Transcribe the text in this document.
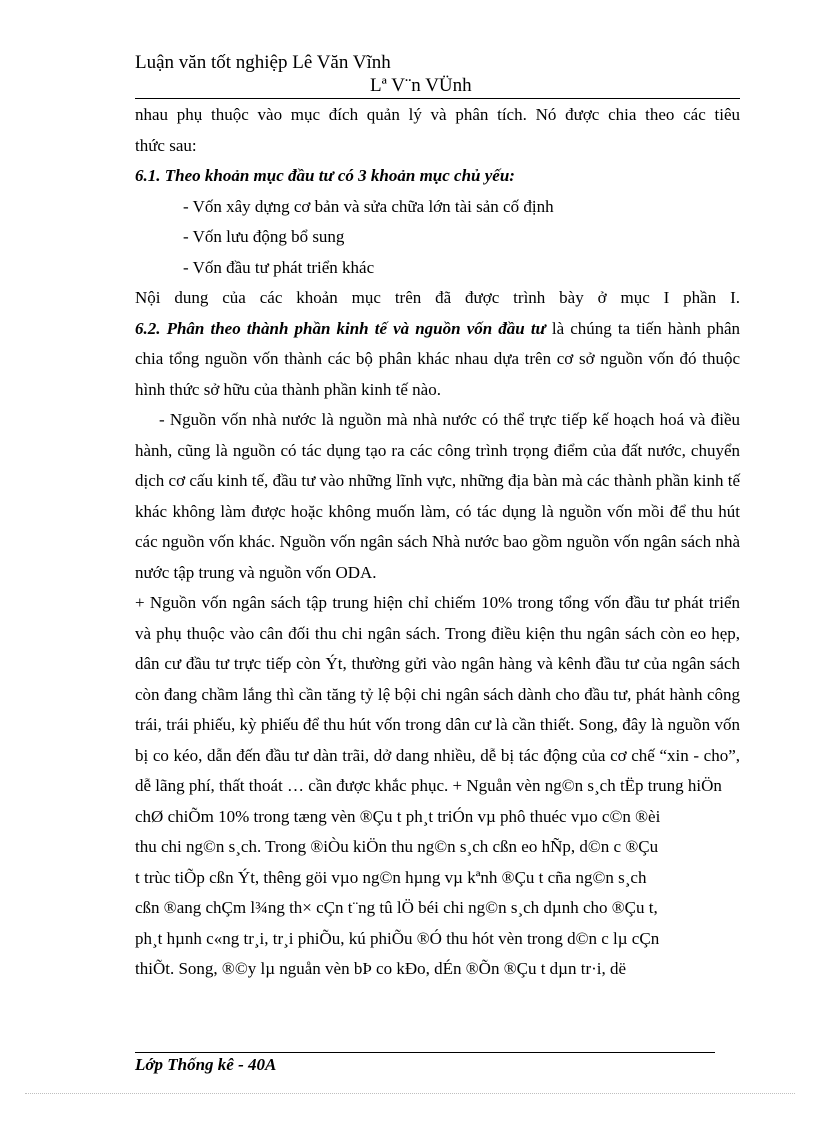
Luận văn tốt nghiệp Lê Văn Vĩnh
Lª V¨n VÜnh

nhau phụ thuộc vào mục đích quản lý và phân tích. Nó được chia theo các tiêu

thức sau:

6.1. Theo khoản mục đầu tư có 3 khoản mục chủ yếu:

- Vốn xây dựng cơ bản và sửa chữa lớn tài sản cố định

- Vốn lưu động bổ sung

- Vốn đầu tư phát triển khác

Nội dung của các khoản mục trên đã được trình bày ở mục I phần I.

6.2. Phân theo thành phần kinh tế và nguồn vốn đầu tư là chúng ta tiến hành phân chia tổng nguồn vốn thành các bộ phân khác nhau dựa trên cơ sở nguồn vốn đó thuộc hình thức sở hữu của thành phần kinh tế nào.

- Nguồn vốn nhà nước là nguồn mà nhà nước có thể trực tiếp kế hoạch hoá và điều hành, cũng là nguồn có tác dụng tạo ra các công trình trọng điểm của đất nước, chuyển dịch cơ cấu kinh tế, đầu tư vào những lĩnh vực, những địa bàn mà các thành phần kinh tế khác không làm được hoặc không muốn làm, có tác dụng là nguồn vốn mồi để thu hút các nguồn vốn khác. Nguồn vốn ngân sách Nhà nước bao gồm nguồn vốn ngân sách nhà nước tập trung và nguồn vốn ODA.

+ Nguồn vốn ngân sách tập trung hiện chỉ chiếm 10% trong tổng vốn đầu tư phát triển và phụ thuộc vào cân đối thu chi ngân sách. Trong điều kiện thu ngân sách còn eo hẹp, dân cư đầu tư trực tiếp còn Ýt, thường gửi vào ngân hàng và kênh đầu tư của ngân sách còn đang chầm lắng thì cần tăng tỷ lệ bội chi ngân sách dành cho đầu tư, phát hành công trái, trái phiếu, kỳ phiếu để thu hút vốn trong dân cư là cần thiết. Song, đây là nguồn vốn bị co kéo, dẫn đến đầu tư dàn trãi, dở dang nhiều, dễ bị tác động của cơ chế “xin - cho”, dễ lãng phí, thất thoát … cần được khắc phục. + Nguån vèn ng©n s¸ch tËp trung hiÖn

chØ chiÕm 10% trong tæng vèn ®Çu t ph¸t triÓn vµ phô thuéc vµo c©n ®èi

thu chi ng©n s¸ch. Trong ®iÒu kiÖn thu ng©n s¸ch cßn eo hÑp, d©n c ®Çu

t trùc tiÕp cßn Ýt, thêng göi vµo ng©n hµng vµ kªnh ®Çu t cña ng©n s¸ch

cßn ®ang chÇm l¾ng th× cÇn t¨ng tû lÖ béi chi ng©n s¸ch dµnh cho ®Çu t,

ph¸t hµnh c«ng tr¸i, tr¸i phiÕu, kú phiÕu ®Ó thu hót vèn trong d©n c lµ cÇn

thiÕt. Song, ®©y lµ nguån vèn bÞ co kÐo, dÉn ®Õn ®Çu t dµn tr·i, dë

Lớp Thống kê - 40A
